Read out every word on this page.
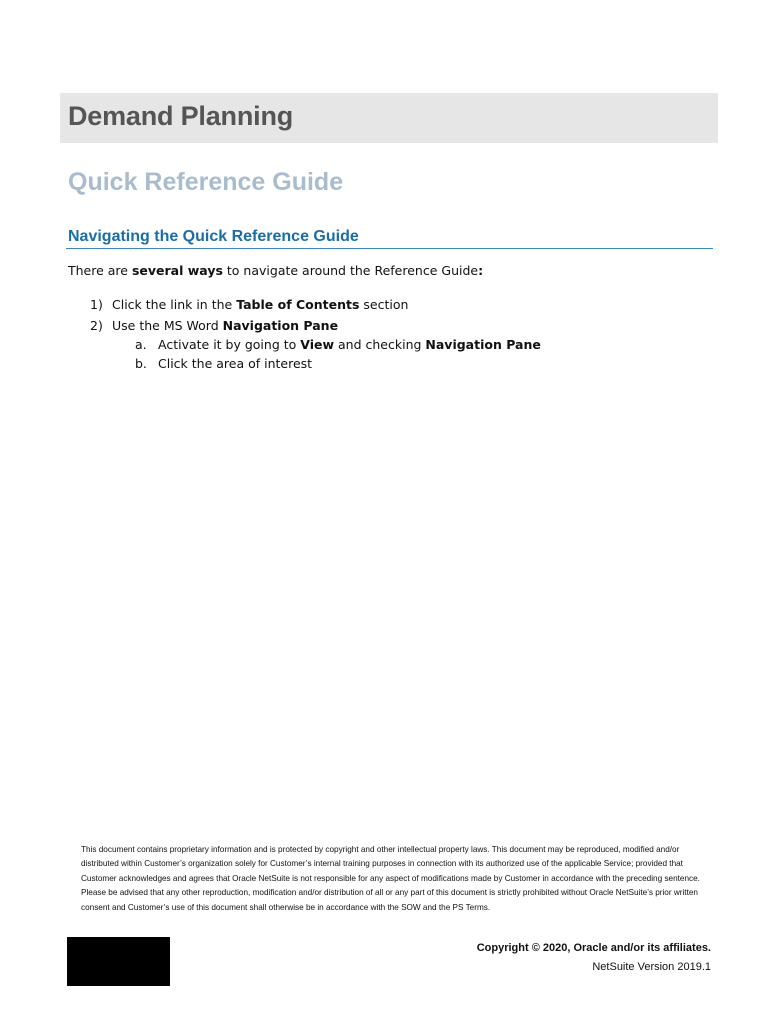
Demand Planning
Quick Reference Guide
Navigating the Quick Reference Guide
There are several ways to navigate around the Reference Guide:
1) Click the link in the Table of Contents section
2) Use the MS Word Navigation Pane
a. Activate it by going to View and checking Navigation Pane
b. Click the area of interest
This document contains proprietary information and is protected by copyright and other intellectual property laws. This document may be reproduced, modified and/or distributed within Customer’s organization solely for Customer’s internal training purposes in connection with its authorized use of the applicable Service; provided that Customer acknowledges and agrees that Oracle NetSuite is not responsible for any aspect of modifications made by Customer in accordance with the preceding sentence. Please be advised that any other reproduction, modification and/or distribution of all or any part of this document is strictly prohibited without Oracle NetSuite’s prior written consent and Customer’s use of this document shall otherwise be in accordance with the SOW and the PS Terms.
Copyright © 2020, Oracle and/or its affiliates.
NetSuite Version 2019.1
